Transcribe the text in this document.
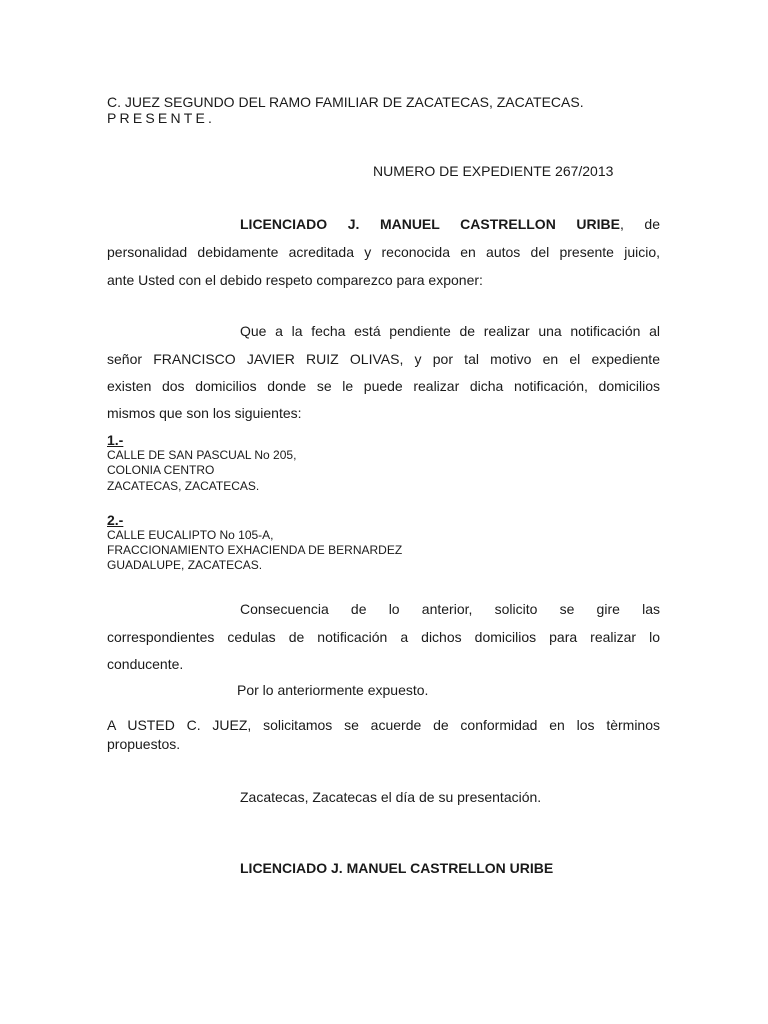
C. JUEZ SEGUNDO DEL RAMO FAMILIAR DE ZACATECAS, ZACATECAS.
PRESENTE.
NUMERO DE EXPEDIENTE 267/2013
LICENCIADO J. MANUEL CASTRELLON URIBE, de
personalidad debidamente acreditada y reconocida en autos del presente juicio,
ante Usted con el debido respeto comparezco para exponer:
Que a la fecha está pendiente de realizar una notificación al
señor FRANCISCO JAVIER RUIZ OLIVAS, y por tal motivo en el expediente
existen dos domicilios donde se le puede realizar dicha notificación, domicilios
mismos que son los siguientes:
1.-
CALLE DE SAN PASCUAL No 205,
COLONIA CENTRO
ZACATECAS, ZACATECAS.
2.-
CALLE EUCALIPTO No 105-A,
FRACCIONAMIENTO EXHACIENDA DE BERNARDEZ
GUADALUPE, ZACATECAS.
Consecuencia de lo anterior, solicito se gire las
correspondientes cedulas de notificación a dichos domicilios para realizar lo
conducente.
Por lo anteriormente expuesto.
A USTED C. JUEZ, solicitamos se acuerde de conformidad en los tèrminos
propuestos.
Zacatecas, Zacatecas el día de su presentación.
LICENCIADO J. MANUEL CASTRELLON URIBE
